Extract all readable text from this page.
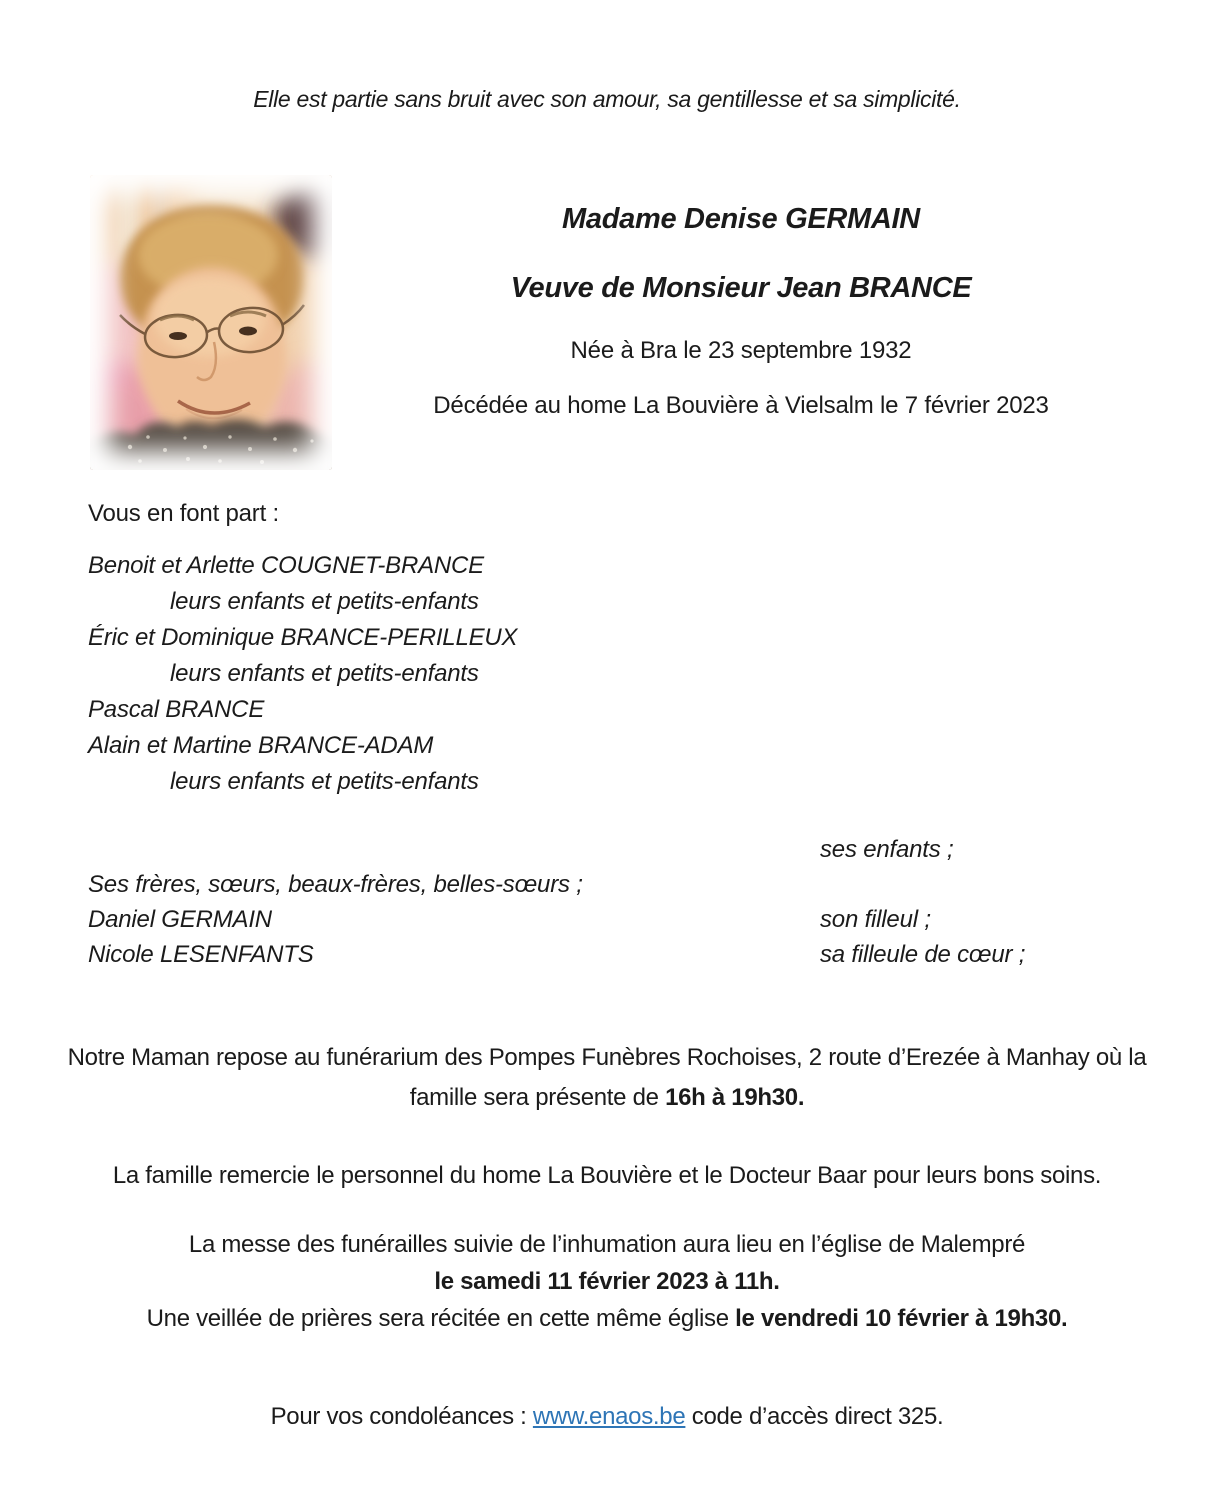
Elle est partie sans bruit avec son amour, sa gentillesse et sa simplicité.
Madame Denise GERMAIN
Veuve de Monsieur Jean BRANCE
Née à Bra le 23 septembre 1932
Décédée au home La Bouvière à Vielsalm le 7 février 2023
Vous en font part :
Benoit et Arlette COUGNET-BRANCE
leurs enfants et petits-enfants
Éric et Dominique BRANCE-PERILLEUX
leurs enfants et petits-enfants
Pascal BRANCE
Alain et Martine BRANCE-ADAM
leurs enfants et petits-enfants
ses enfants ;
Ses frères, sœurs, beaux-frères, belles-sœurs ;
Daniel GERMAIN	son filleul ;
Nicole LESENFANTS	sa filleule de cœur ;
Notre Maman repose au funérarium des Pompes Funèbres Rochoises, 2 route d’Erezée à Manhay où la famille sera présente de 16h à 19h30.
La famille remercie le personnel du home La Bouvière et le Docteur Baar pour leurs bons soins.
La messe des funérailles suivie de l’inhumation aura lieu en l’église de Malempré
le samedi 11 février 2023 à 11h.
Une veillée de prières sera récitée en cette même église le vendredi 10 février à 19h30.
Pour vos condoléances : www.enaos.be code d’accès direct 325.
